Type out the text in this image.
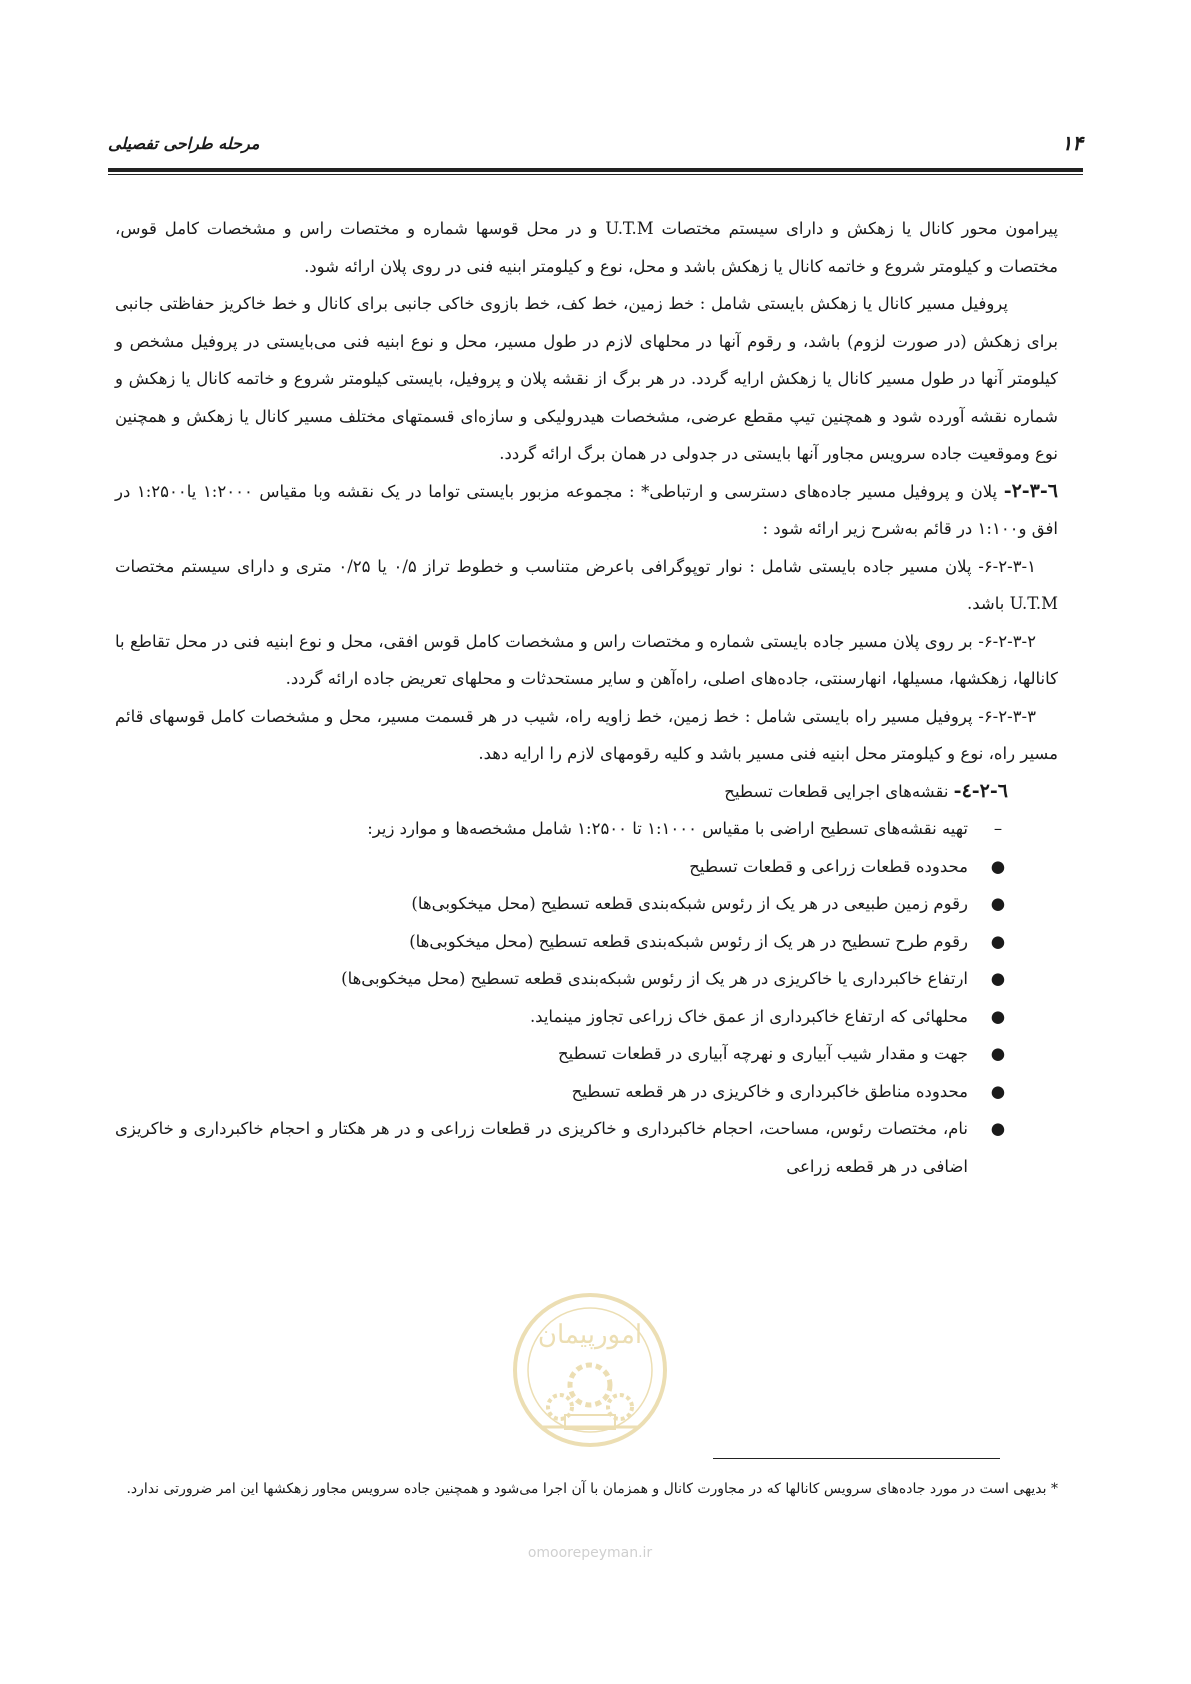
۱۴
مرحله طراحی تفصیلی

پیرامون محور کانال یا زهکش و دارای سیستم مختصات U.T.M و در محل قوسها شماره و مختصات راس و مشخصات کامل قوس، مختصات و کیلومتر شروع و خاتمه کانال یا زهکش باشد و محل، نوع و کیلومتر ابنیه فنی در روی پلان ارائه شود.

پروفیل مسیر کانال یا زهکش بایستی شامل : خط زمین، خط کف، خط بازوی خاکی جانبی برای کانال و خط خاکریز حفاظتی جانبی برای زهکش (در صورت لزوم) باشد، و رقوم آنها در محلهای لازم در طول مسیر، محل و نوع ابنیه فنی می‌بایستی در پروفیل مشخص و کیلومتر آنها در طول مسیر کانال یا زهکش ارایه گردد. در هر برگ از نقشه پلان و پروفیل، بایستی کیلومتر شروع و خاتمه کانال یا زهکش و شماره نقشه آورده شود و همچنین تیپ مقطع عرضی، مشخصات هیدرولیکی و سازه‌ای قسمتهای مختلف مسیر کانال یا زهکش و همچنین نوع وموقعیت جاده سرویس مجاور آنها بایستی در جدولی در همان برگ ارائه گردد.

٦-۲-۳- پلان و پروفیل مسیر جاده‌های دسترسی و ارتباطی* : مجموعه مزبور بایستی تواما در یک نقشه وبا مقیاس ۱:۲۰۰۰ یا۱:۲۵۰۰ در افق و۱:۱۰۰ در قائم به‌شرح زیر ارائه شود :

۶-۲-۳-۱- پلان مسیر جاده بایستی شامل : نوار توپوگرافی باعرض متناسب و خطوط تراز ۰/۵ یا ۰/۲۵ متری و دارای سیستم مختصات U.T.M باشد.

۶-۲-۳-۲- بر روی پلان مسیر جاده بایستی شماره و مختصات راس و مشخصات کامل قوس افقی، محل و نوع ابنیه فنی در محل تقاطع با کانالها، زهکشها، مسیلها، انهارسنتی، جاده‌های اصلی، راه‌آهن و سایر مستحدثات و محلهای تعریض جاده ارائه گردد.

۶-۲-۳-۳- پروفیل مسیر راه بایستی شامل : خط زمین، خط زاویه راه، شیب در هر قسمت مسیر، محل و مشخصات کامل قوسهای قائم مسیر راه، نوع و کیلومتر محل ابنیه فنی مسیر باشد و کلیه رقومهای لازم را ارایه دهد.

٦-۲-٤- نقشه‌های اجرایی قطعات تسطیح

–
تهیه نقشه‌های تسطیح اراضی با مقیاس ۱:۱۰۰۰ تا ۱:۲۵۰۰ شامل مشخصه‌ها و موارد زیر:
●
محدوده قطعات زراعی و قطعات تسطیح
●
رقوم زمین طبیعی در هر یک از رئوس شبکه‌بندی قطعه تسطیح (محل میخکوبی‌ها)
●
رقوم طرح تسطیح در هر یک از رئوس شبکه‌بندی قطعه تسطیح (محل میخکوبی‌ها)
●
ارتفاع خاکبرداری یا خاکریزی در هر یک از رئوس شبکه‌بندی قطعه تسطیح (محل میخکوبی‌ها)
●
محلهائی که ارتفاع خاکبرداری از عمق خاک زراعی تجاوز مینماید.
●
جهت و مقدار شیب آبیاری و نهرچه آبیاری در قطعات تسطیح
●
محدوده مناطق خاکبرداری و خاکریزی در هر قطعه تسطیح
●
نام، مختصات رئوس، مساحت، احجام خاکبرداری و خاکریزی در قطعات زراعی و در هر هکتار و احجام خاکبرداری و خاکریزی اضافی در هر قطعه زراعی
* بدیهی است در مورد جاده‌های سرویس کانالها که در مجاورت کانال و همزمان با آن اجرا می‌شود و همچنین جاده سرویس مجاور زهکشها این امر ضرورتی ندارد.
امورپیمان
omoorepeyman.ir
